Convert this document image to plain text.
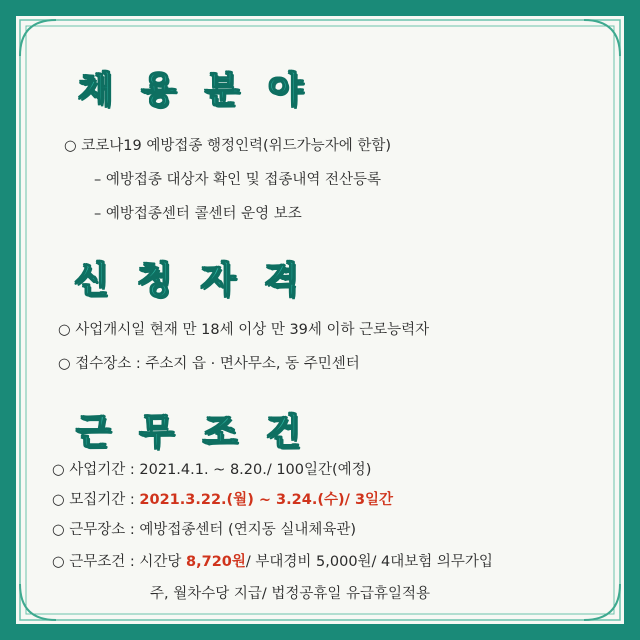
채 용 분 야
○ 코로나19 예방접종 행정인력(위드가능자에 한함)
– 예방접종 대상자 확인 및 접종내역 전산등록
– 예방접종센터 콜센터 운영 보조
신 청 자 격
○ 사업개시일 현재 만 18세 이상 만 39세 이하 근로능력자
○ 접수장소 : 주소지 읍 · 면사무소, 동 주민센터
근 무 조 건
○ 사업기간 : 2021.4.1. ~ 8.20./ 100일간(예정)
○ 모집기간 : 2021.3.22.(월) ~ 3.24.(수)/ 3일간
○ 근무장소 : 예방접종센터 (연지동 실내체육관)
○ 근무조건 : 시간당 8,720원/ 부대경비 5,000원/ 4대보험 의무가입
주, 월차수당 지급/ 법정공휴일 유급휴일적용
